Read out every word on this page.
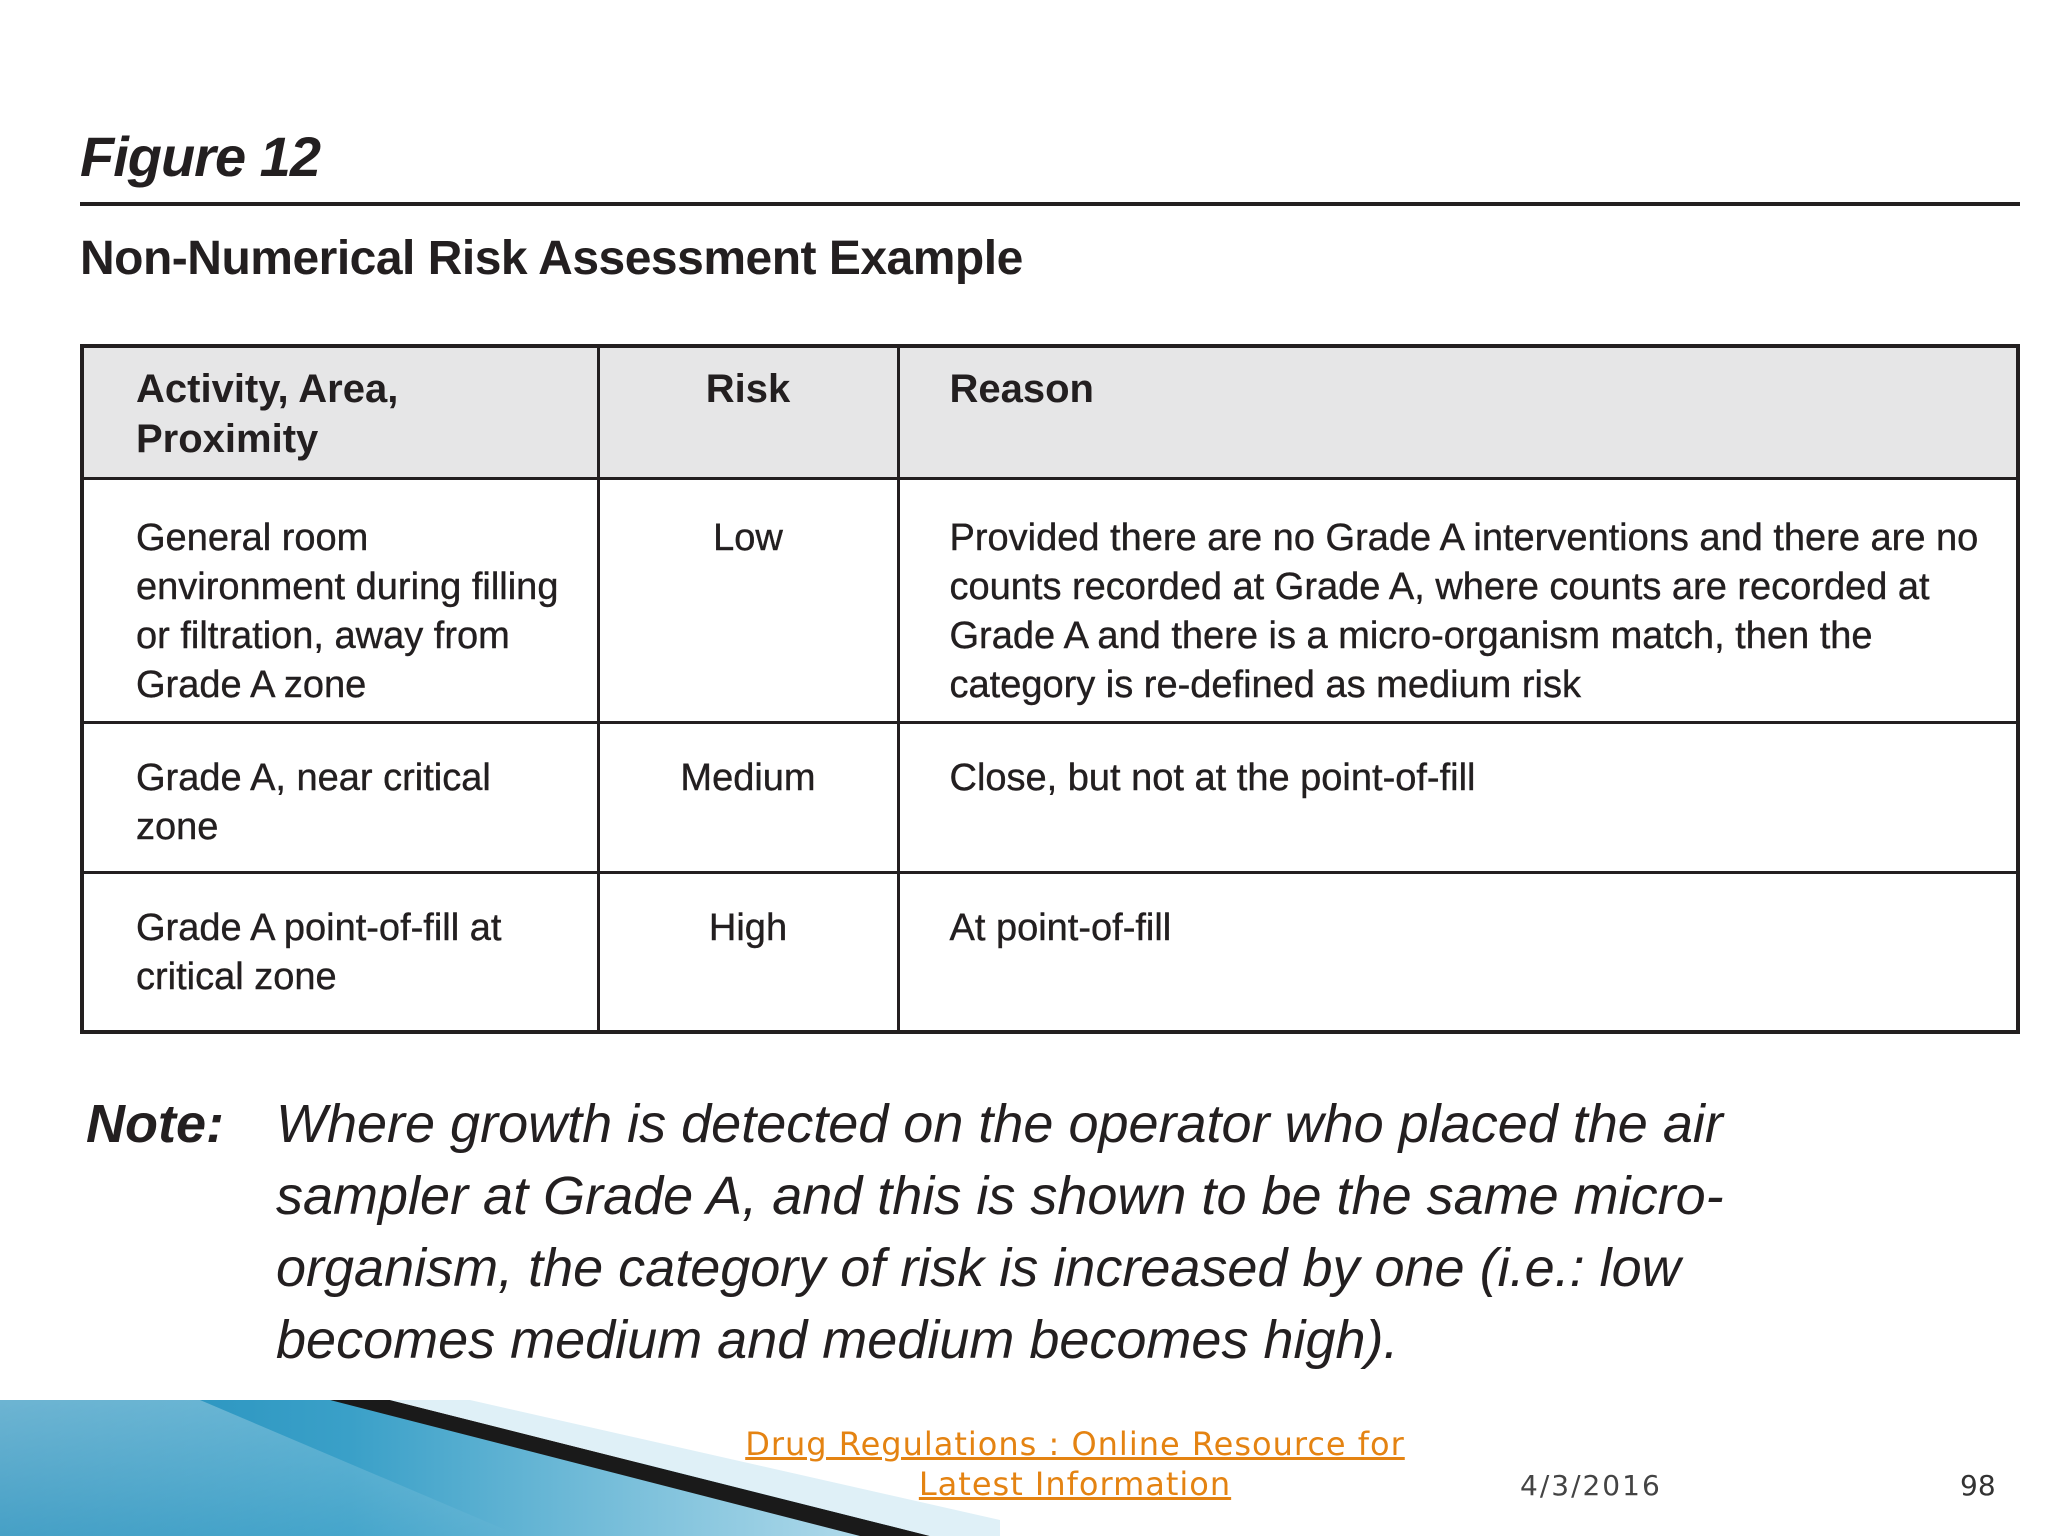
Figure 12
Non-Numerical Risk Assessment Example
Activity, Area, Proximity	Risk	Reason
General room environment during filling or filtration, away from Grade A zone	Low	Provided there are no Grade A interventions and there are no counts recorded at Grade A, where counts are recorded at Grade A and there is a micro-organism match, then the category is re-defined as medium risk
Grade A, near critical zone	Medium	Close, but not at the point-of-fill
Grade A point-of-fill at critical zone	High	At point-of-fill
Note: Where growth is detected on the operator who placed the air sampler at Grade A, and this is shown to be the same micro-organism, the category of risk is increased by one (i.e.: low becomes medium and medium becomes high).
Drug Regulations : Online Resource for Latest Information	4/3/2016	98
